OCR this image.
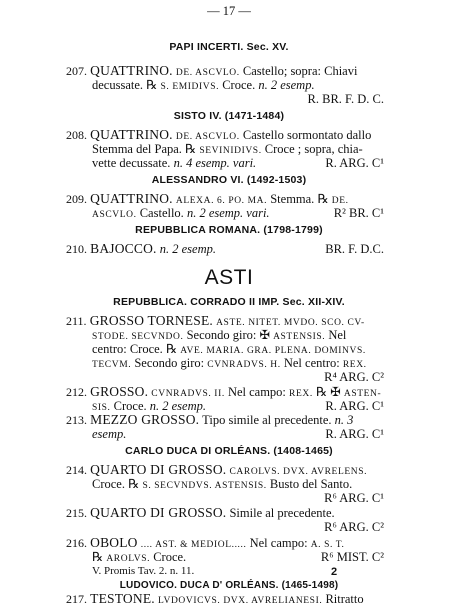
— 17 —
PAPI INCERTI. Sec. XV.
207. QUATTRINO. DE. ASCVLO. Castello; sopra: Chiavi
decussate. ℞ S. EMIDIVS. Croce. n. 2 esemp.
R. BR. F. D. C.
SISTO IV. (1471-1484)
208. QUATTRINO. DE. ASCVLO. Castello sormontato dallo
Stemma del Papa. ℞ SEVINIDIVS. Croce ; sopra, chia-
vette decussate. n. 4 esemp. vari.	R. ARG. C¹
ALESSANDRO VI. (1492-1503)
209. QUATTRINO. ALEXA. 6. PO. MA. Stemma. ℞ DE.
ASCVLO. Castello. n. 2 esemp. vari.	R² BR. C¹
REPUBBLICA ROMANA. (1798-1799)
210. BAJOCCO. n. 2 esemp.	BR. F. D.C.
ASTI
REPUBBLICA. CORRADO II IMP. Sec. XII-XIV.
211. GROSSO TORNESE. ASTE. NITET. MVDO. SCO. CV-
STODE. SECVNDO. Secondo giro: ✠ ASTENSIS. Nel
centro: Croce. ℞ AVE. MARIA. GRA. PLENA. DOMINVS.
TECVM. Secondo giro: CVNRADVS. H. Nel centro: REX.
R⁴ ARG. C²
212. GROSSO. CVNRADVS. II. Nel campo: REX. ℞ ✠ ASTEN-
SIS. Croce. n. 2 esemp.	R. ARG. C¹
213. MEZZO GROSSO. Tipo simile al precedente. n. 3
esemp.	R. ARG. C¹
CARLO DUCA DI ORLÉANS. (1408-1465)
214. QUARTO DI GROSSO. CAROLVS. DVX. AVRELENS.
Croce. ℞ S. SECVNDVS. ASTENSIS. Busto del Santo.
R⁶ ARG. C¹
215. QUARTO DI GROSSO. Simile al precedente.
R⁶ ARG. C²
216. OBOLO .... AST. & MEDIOL..... Nel campo: A. S. T.
℞ AROLVS. Croce.	R⁶ MIST. C²
V. Promis Tav. 2. n. 11.
LUDOVICO. DUCA D' ORLÉANS. (1465-1498)
217. TESTONE. LVDOVICVS. DVX. AVRELIANESI. Ritratto
2
